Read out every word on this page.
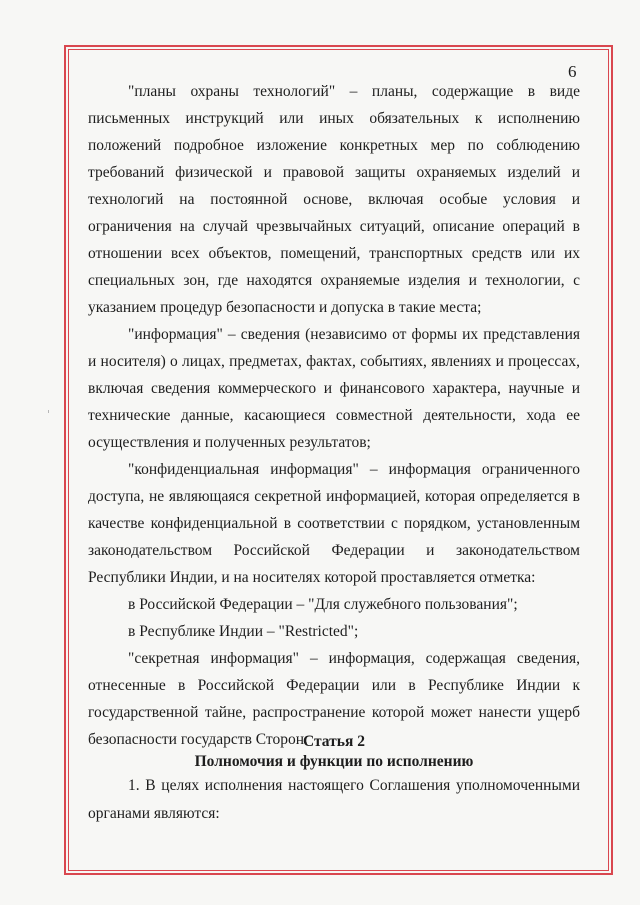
6

"планы охраны технологий" – планы, содержащие в виде письменных инструкций или иных обязательных к исполнению положений подробное изложение конкретных мер по соблюдению требований физической и правовой защиты охраняемых изделий и технологий на постоянной основе, включая особые условия и ограничения на случай чрезвычайных ситуаций, описание операций в отношении всех объектов, помещений, транспортных средств или их специальных зон, где находятся охраняемые изделия и технологии, с указанием процедур безопасности и допуска в такие места;

"информация" – сведения (независимо от формы их представления и носителя) о лицах, предметах, фактах, событиях, явлениях и процессах, включая сведения коммерческого и финансового характера, научные и технические данные, касающиеся совместной деятельности, хода ее осуществления и полученных результатов;

"конфиденциальная информация" – информация ограниченного доступа, не являющаяся секретной информацией, которая определяется в качестве конфиденциальной в соответствии с порядком, установленным законодательством Российской Федерации и законодательством Республики Индии, и на носителях которой проставляется отметка:

в Российской Федерации – "Для служебного пользования";

в Республике Индии – "Restricted";

"секретная информация" – информация, содержащая сведения, отнесенные в Российской Федерации или в Республике Индии к государственной тайне, распространение которой может нанести ущерб безопасности государств Сторон.

Статья 2
Полномочия и функции по исполнению

1. В целях исполнения настоящего Соглашения уполномоченными органами являются:
